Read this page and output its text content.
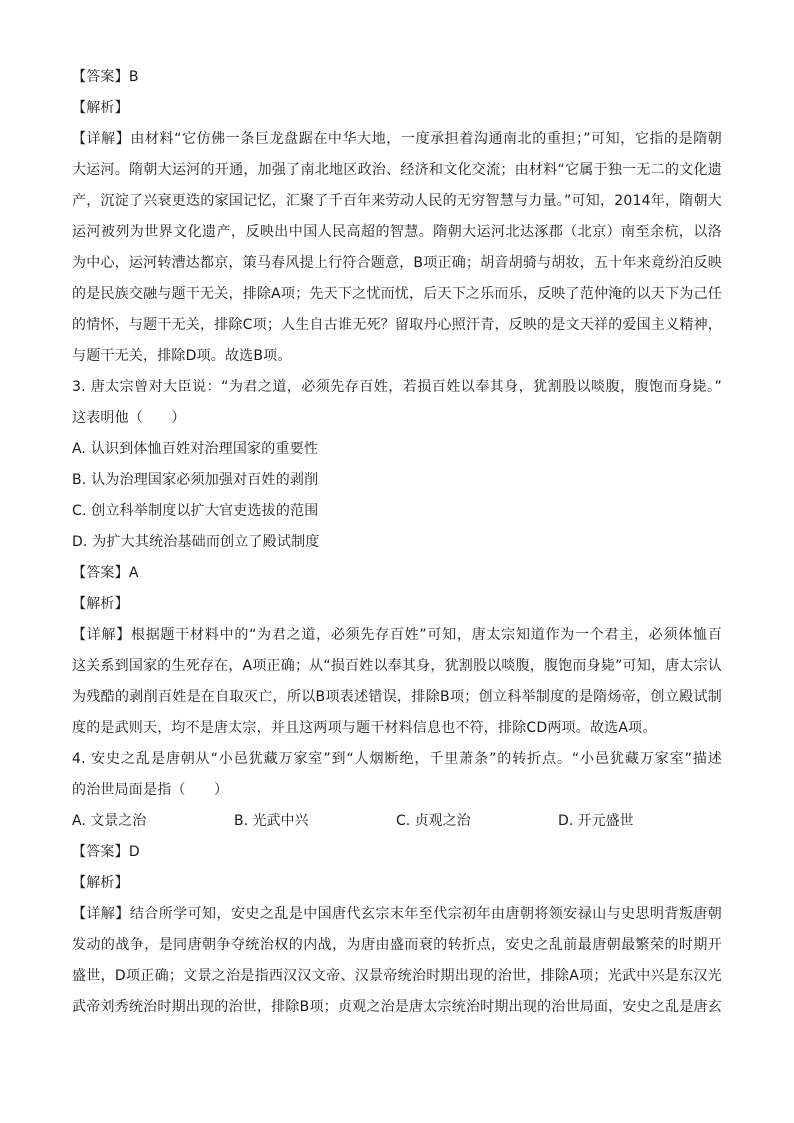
【答案】B
【解析】
【详解】由材料“它仿佛一条巨龙盘踞在中华大地，一度承担着沟通南北的重担；”可知，它指的是隋朝
大运河。隋朝大运河的开通，加强了南北地区政治、经济和文化交流；由材料“它属于独一无二的文化遗
产，沉淀了兴衰更迭的家国记忆，汇聚了千百年来劳动人民的无穷智慧与力量。”可知，2014年，隋朝大
运河被列为世界文化遗产，反映出中国人民高超的智慧。隋朝大运河北达涿郡（北京）南至余杭，以洛
为中心，运河转漕达都京，策马春风提上行符合题意，B项正确；胡音胡骑与胡妆，五十年来竟纷泊反映
的是民族交融与题干无关，排除A项；先天下之忧而忧，后天下之乐而乐，反映了范仲淹的以天下为己任
的情怀，与题干无关，排除C项；人生自古谁无死？留取丹心照汗青，反映的是文天祥的爱国主义精神，
与题干无关，排除D项。故选B项。
3. 唐太宗曾对大臣说：“为君之道，必须先存百姓，若损百姓以奉其身，犹割股以啖腹，腹饱而身毙。”
这表明他（　　）
A. 认识到体恤百姓对治理国家的重要性
B. 认为治理国家必须加强对百姓的剥削
C. 创立科举制度以扩大官吏选拔的范围
D. 为扩大其统治基础而创立了殿试制度
【答案】A
【解析】
【详解】根据题干材料中的“为君之道，必须先存百姓”可知，唐太宗知道作为一个君主，必须体恤百
这关系到国家的生死存在，A项正确；从“损百姓以奉其身，犹割股以啖腹，腹饱而身毙”可知，唐太宗认
为残酷的剥削百姓是在自取灭亡，所以B项表述错误，排除B项；创立科举制度的是隋炀帝，创立殿试制
度的是武则天，均不是唐太宗，并且这两项与题干材料信息也不符，排除CD两项。故选A项。
4. 安史之乱是唐朝从“小邑犹藏万家室”到“人烟断绝，千里萧条”的转折点。“小邑犹藏万家室”描述
的治世局面是指（　　）
A. 文景之治	B. 光武中兴	C. 贞观之治	D. 开元盛世
【答案】D
【解析】
【详解】结合所学可知，安史之乱是中国唐代玄宗末年至代宗初年由唐朝将领安禄山与史思明背叛唐朝
发动的战争，是同唐朝争夺统治权的内战，为唐由盛而衰的转折点，安史之乱前最唐朝最繁荣的时期开
盛世，D项正确；文景之治是指西汉汉文帝、汉景帝统治时期出现的治世，排除A项；光武中兴是东汉光
武帝刘秀统治时期出现的治世，排除B项；贞观之治是唐太宗统治时期出现的治世局面，安史之乱是唐玄
